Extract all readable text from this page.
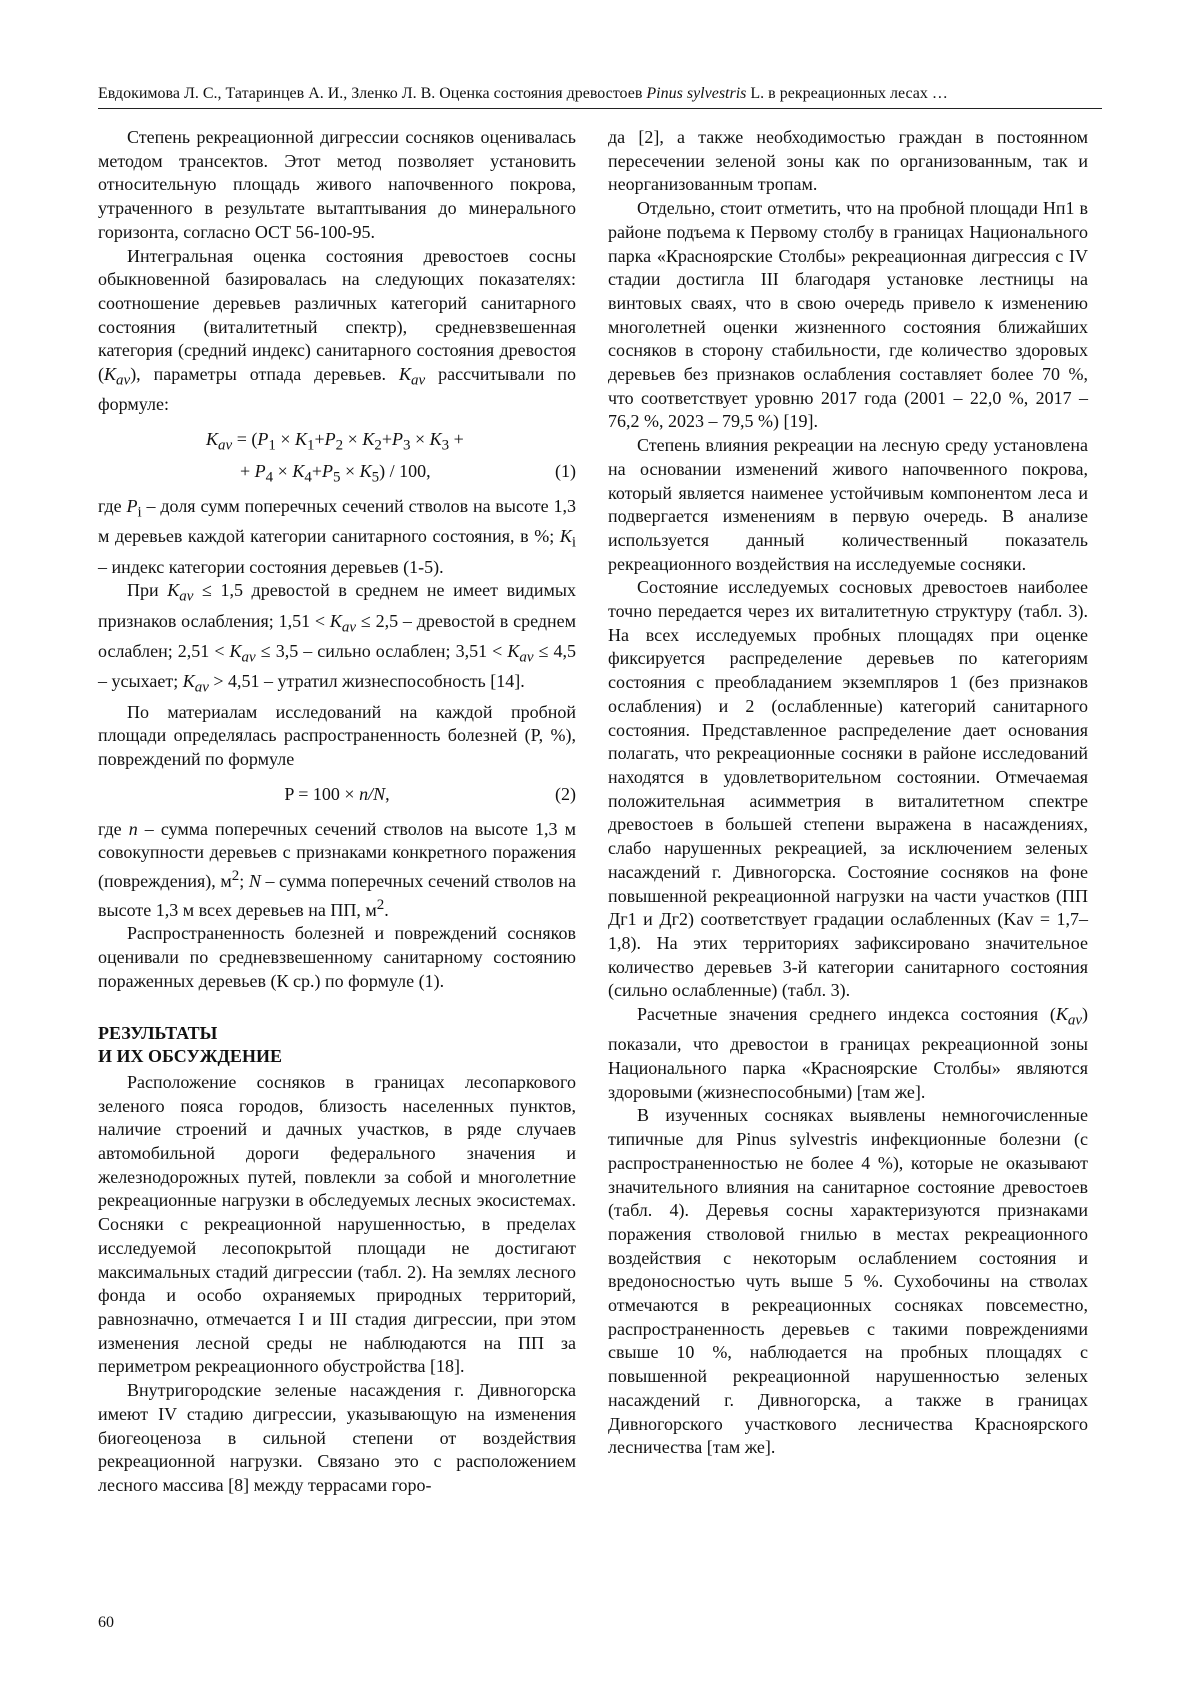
Евдокимова Л. С., Татаринцев А. И., Зленко Л. В. Оценка состояния древостоев Pinus sylvestris L. в рекреационных лесах …

Степень рекреационной дигрессии сосняков оценивалась методом трансектов. Этот метод позволяет установить относительную площадь живого напочвенного покрова, утраченного в результате вытаптывания до минерального горизонта, согласно ОСТ 56-100-95.

Интегральная оценка состояния древостоев сосны обыкновенной базировалась на следующих показателях: соотношение деревьев различных категорий санитарного состояния (виталитетный спектр), средневзвешенная категория (средний индекс) санитарного состояния древостоя $(K_{av})$, параметры отпада деревьев. $K_{av}$ рассчитывали по формуле:

$K_{av} = (P_1 \times K_1+P_2 \times K_2+P_3 \times K_3$ +
+ $P_4 \times K_4+P_5 \times K_5) / 100$,	(1)

где $P_i$ – доля сумм поперечных сечений стволов на высоте 1,3 м деревьев каждой категории санитарного состояния, в %; $K_i$ – индекс категории состояния деревьев (1-5).

При $K_{av} \le 1,5$ древостой в среднем не имеет видимых признаков ослабления; $1,51 < K_{av} \le 2,5$ – древостой в среднем ослаблен; $2,51 < K_{av} \le 3,5$ – сильно ослаблен; $3,51 < K_{av} \le 4,5$ – усыхает; $K_{av} > 4,51$ – утратил жизнеспособность [14].

По материалам исследований на каждой пробной площади определялась распространенность болезней (P, %), повреждений по формуле

P = 100 × n/N,	(2)

где n – сумма поперечных сечений стволов на высоте 1,3 м совокупности деревьев с признаками конкретного поражения (повреждения), $м^2$; N – сумма поперечных сечений стволов на высоте 1,3 м всех деревьев на ПП, $м^2$.

Распространенность болезней и повреждений сосняков оценивали по средневзвешенному санитарному состоянию пораженных деревьев (К ср.) по формуле (1).

РЕЗУЛЬТАТЫ
И ИХ ОБСУЖДЕНИЕ

Расположение сосняков в границах лесопаркового зеленого пояса городов, близость населенных пунктов, наличие строений и дачных участков, в ряде случаев автомобильной дороги федерального значения и железнодорожных путей, повлекли за собой и многолетние рекреационные нагрузки в обследуемых лесных экосистемах. Сосняки с рекреационной нарушенностью, в пределах исследуемой лесопокрытой площади не достигают максимальных стадий дигрессии (табл. 2). На землях лесного фонда и особо охраняемых природных территорий, равнозначно, отмечается I и III стадия дигрессии, при этом изменения лесной среды не наблюдаются на ПП за периметром рекреационного обустройства [18].

Внутригородские зеленые насаждения г. Дивногорска имеют IV стадию дигрессии, указывающую на изменения биогеоценоза в сильной степени от воздействия рекреационной нагрузки. Связано это с расположением лесного массива [8] между террасами горо-

да [2], а также необходимостью граждан в постоянном пересечении зеленой зоны как по организованным, так и неорганизованным тропам.

Отдельно, стоит отметить, что на пробной площади Нп1 в районе подъема к Первому столбу в границах Национального парка «Красноярские Столбы» рекреационная дигрессия с IV стадии достигла III благодаря установке лестницы на винтовых сваях, что в свою очередь привело к изменению многолетней оценки жизненного состояния ближайших сосняков в сторону стабильности, где количество здоровых деревьев без признаков ослабления составляет более 70 %, что соответствует уровню 2017 года (2001 – 22,0 %, 2017 – 76,2 %, 2023 – 79,5 %) [19].

Степень влияния рекреации на лесную среду установлена на основании изменений живого напочвенного покрова, который является наименее устойчивым компонентом леса и подвергается изменениям в первую очередь. В анализе используется данный количественный показатель рекреационного воздействия на исследуемые сосняки.

Состояние исследуемых сосновых древостоев наиболее точно передается через их виталитетную структуру (табл. 3). На всех исследуемых пробных площадях при оценке фиксируется распределение деревьев по категориям состояния с преобладанием экземпляров 1 (без признаков ослабления) и 2 (ослабленные) категорий санитарного состояния. Представленное распределение дает основания полагать, что рекреационные сосняки в районе исследований находятся в удовлетворительном состоянии. Отмечаемая положительная асимметрия в виталитетном спектре древостоев в большей степени выражена в насаждениях, слабо нарушенных рекреацией, за исключением зеленых насаждений г. Дивногорска. Состояние сосняков на фоне повышенной рекреационной нагрузки на части участков (ПП Дг1 и Дг2) соответствует градации ослабленных (Kav = 1,7–1,8). На этих территориях зафиксировано значительное количество деревьев 3-й категории санитарного состояния (сильно ослабленные) (табл. 3).

Расчетные значения среднего индекса состояния $(K_{av})$ показали, что древостои в границах рекреационной зоны Национального парка «Красноярские Столбы» являются здоровыми (жизнеспособными) [там же].

В изученных сосняках выявлены немногочисленные типичные для Pinus sylvestris инфекционные болезни (с распространенностью не более 4 %), которые не оказывают значительного влияния на санитарное состояние древостоев (табл. 4). Деревья сосны характеризуются признаками поражения стволовой гнилью в местах рекреационного воздействия с некоторым ослаблением состояния и вредоносностью чуть выше 5 %. Сухобочины на стволах отмечаются в рекреационных сосняках повсеместно, распространенность деревьев с такими повреждениями свыше 10 %, наблюдается на пробных площадях с повышенной рекреационной нарушенностью зеленых насаждений г. Дивногорска, а также в границах Дивногорского участкового лесничества Красноярского лесничества [там же].

60
